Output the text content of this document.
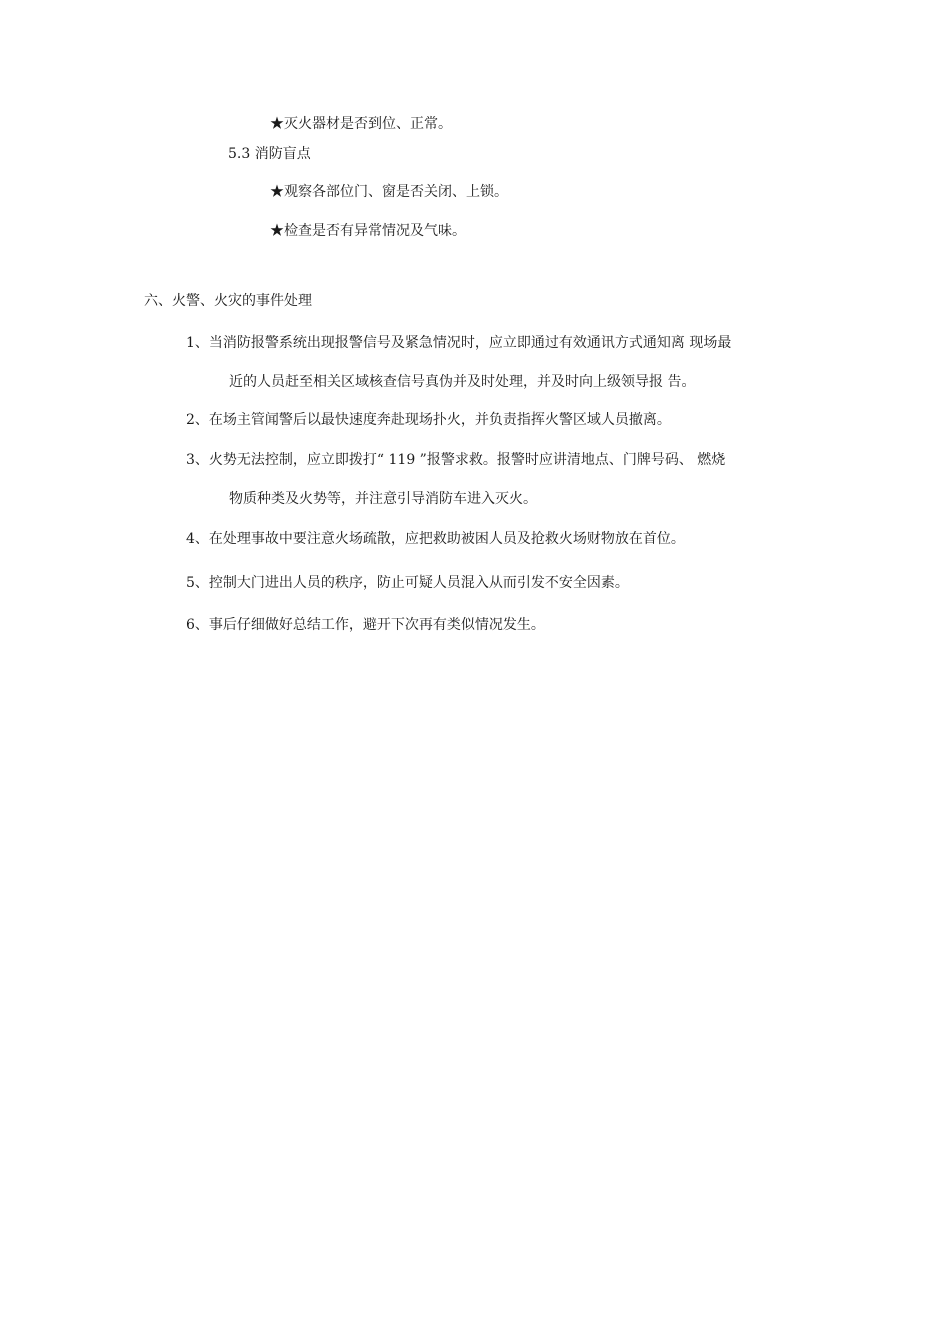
★灭火器材是否到位、正常。
5.3 消防盲点
★观察各部位门、窗是否关闭、上锁。
★检查是否有异常情况及气味。
六、火警、火灾的事件处理
1、当消防报警系统出现报警信号及紧急情况时，应立即通过有效通讯方式通知离 现场最
近的人员赶至相关区域核查信号真伪并及时处理，并及时向上级领导报 告。
2、在场主管闻警后以最快速度奔赴现场扑火，并负责指挥火警区域人员撤离。
3、火势无法控制，应立即拨打“ 119 ”报警求救。报警时应讲清地点、门牌号码、 燃烧
物质种类及火势等，并注意引导消防车进入灭火。
4、在处理事故中要注意火场疏散，应把救助被困人员及抢救火场财物放在首位。
5、控制大门进出人员的秩序，防止可疑人员混入从而引发不安全因素。
6、事后仔细做好总结工作，避开下次再有类似情况发生。
